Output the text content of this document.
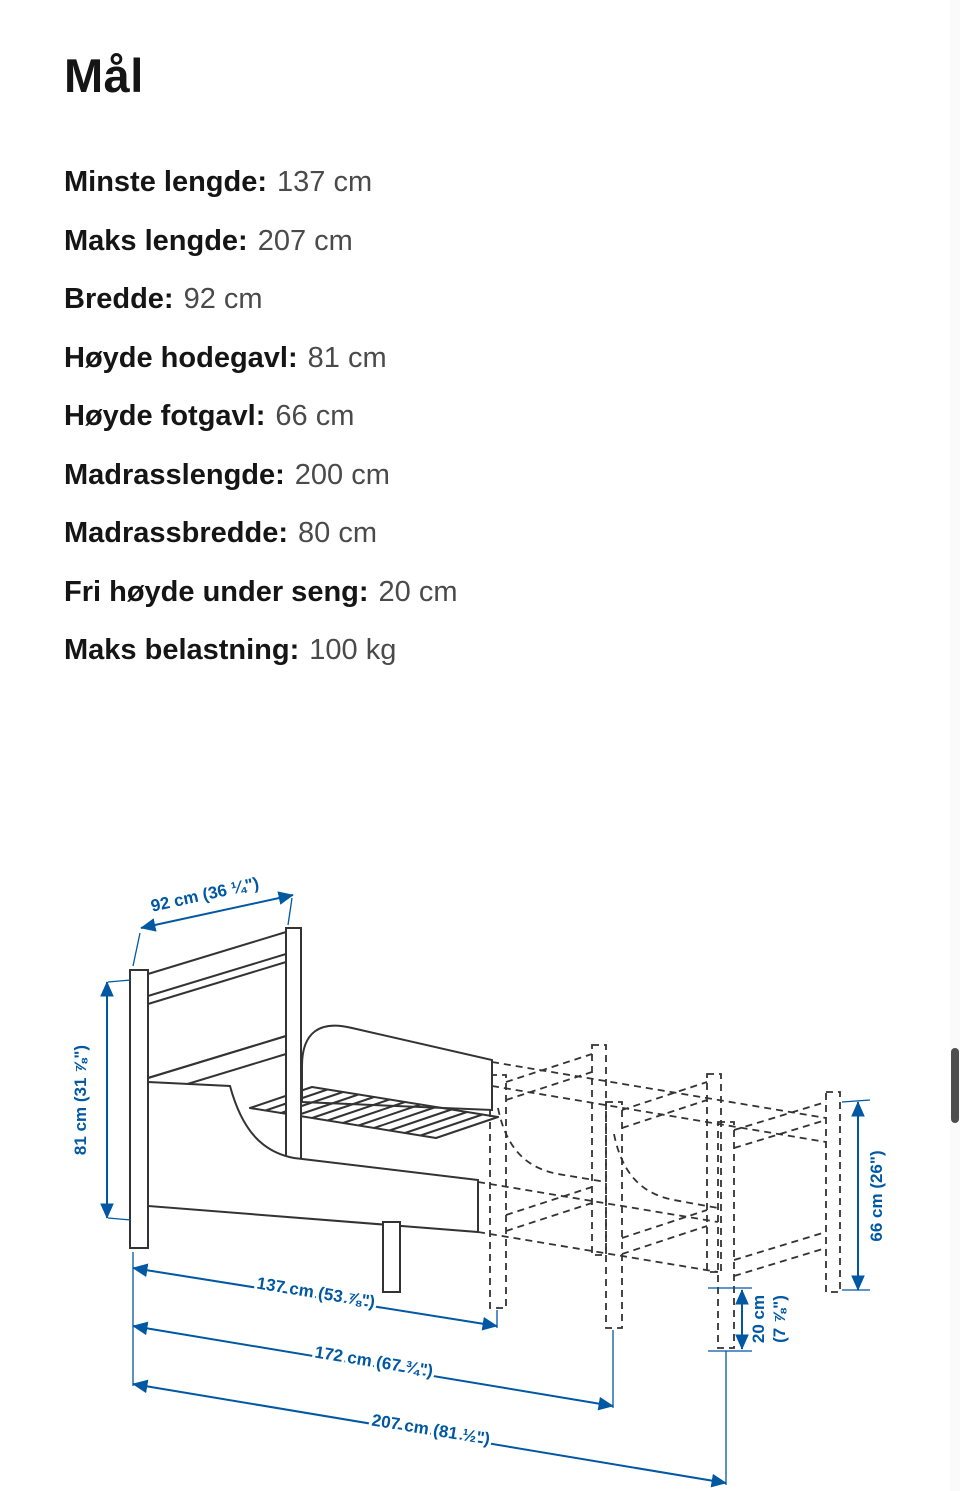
Mål
Minste lengde: 137 cm
Maks lengde: 207 cm
Bredde: 92 cm
Høyde hodegavl: 81 cm
Høyde fotgavl: 66 cm
Madrasslengde: 200 cm
Madrassbredde: 80 cm
Fri høyde under seng: 20 cm
Maks belastning: 100 kg
92 cm (36 ¼")
81 cm (31 ⅞")
66 cm (26")
20 cm (7 ⅞")
137 cm (53 ⅞")
172 cm (67 ¾")
207 cm (81 ½")
